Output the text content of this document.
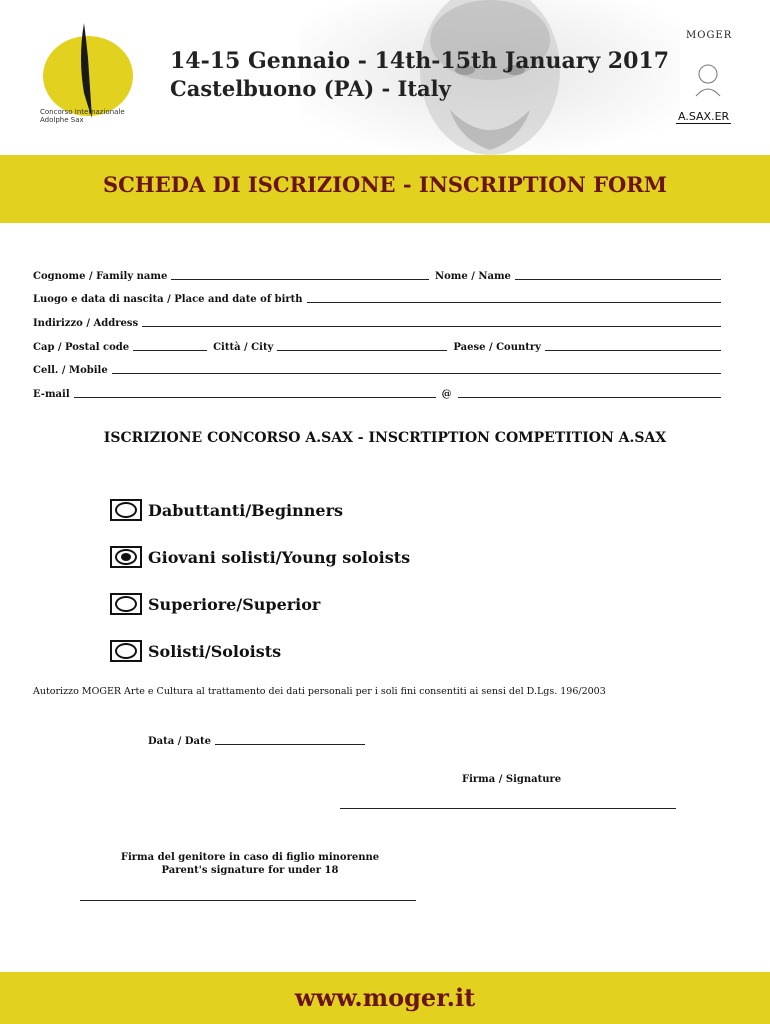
Concorso Internazionale Adolphe Sax
14-15 Gennaio - 14th-15th January 2017
Castelbuono (PA) - Italy
MOGER
A.SAX.ER
SCHEDA DI ISCRIZIONE - INSCRIPTION FORM
Cognome / Family name	Nome / Name
Luogo e data di nascita / Place and date of birth
Indirizzo / Address
Cap / Postal code	Città / City	Paese / Country
Cell. / Mobile
E-mail	@
ISCRIZIONE CONCORSO A.SAX - INSCRTIPTION COMPETITION A.SAX
Dabuttanti/Beginners
Giovani solisti/Young soloists
Superiore/Superior
Solisti/Soloists
Autorizzo MOGER Arte e Cultura al trattamento dei dati personali per i soli fini consentiti ai sensi del D.Lgs. 196/2003
Data / Date
Firma / Signature
Firma del genitore in caso di figlio minorenne
Parent's signature for under 18
www.moger.it
